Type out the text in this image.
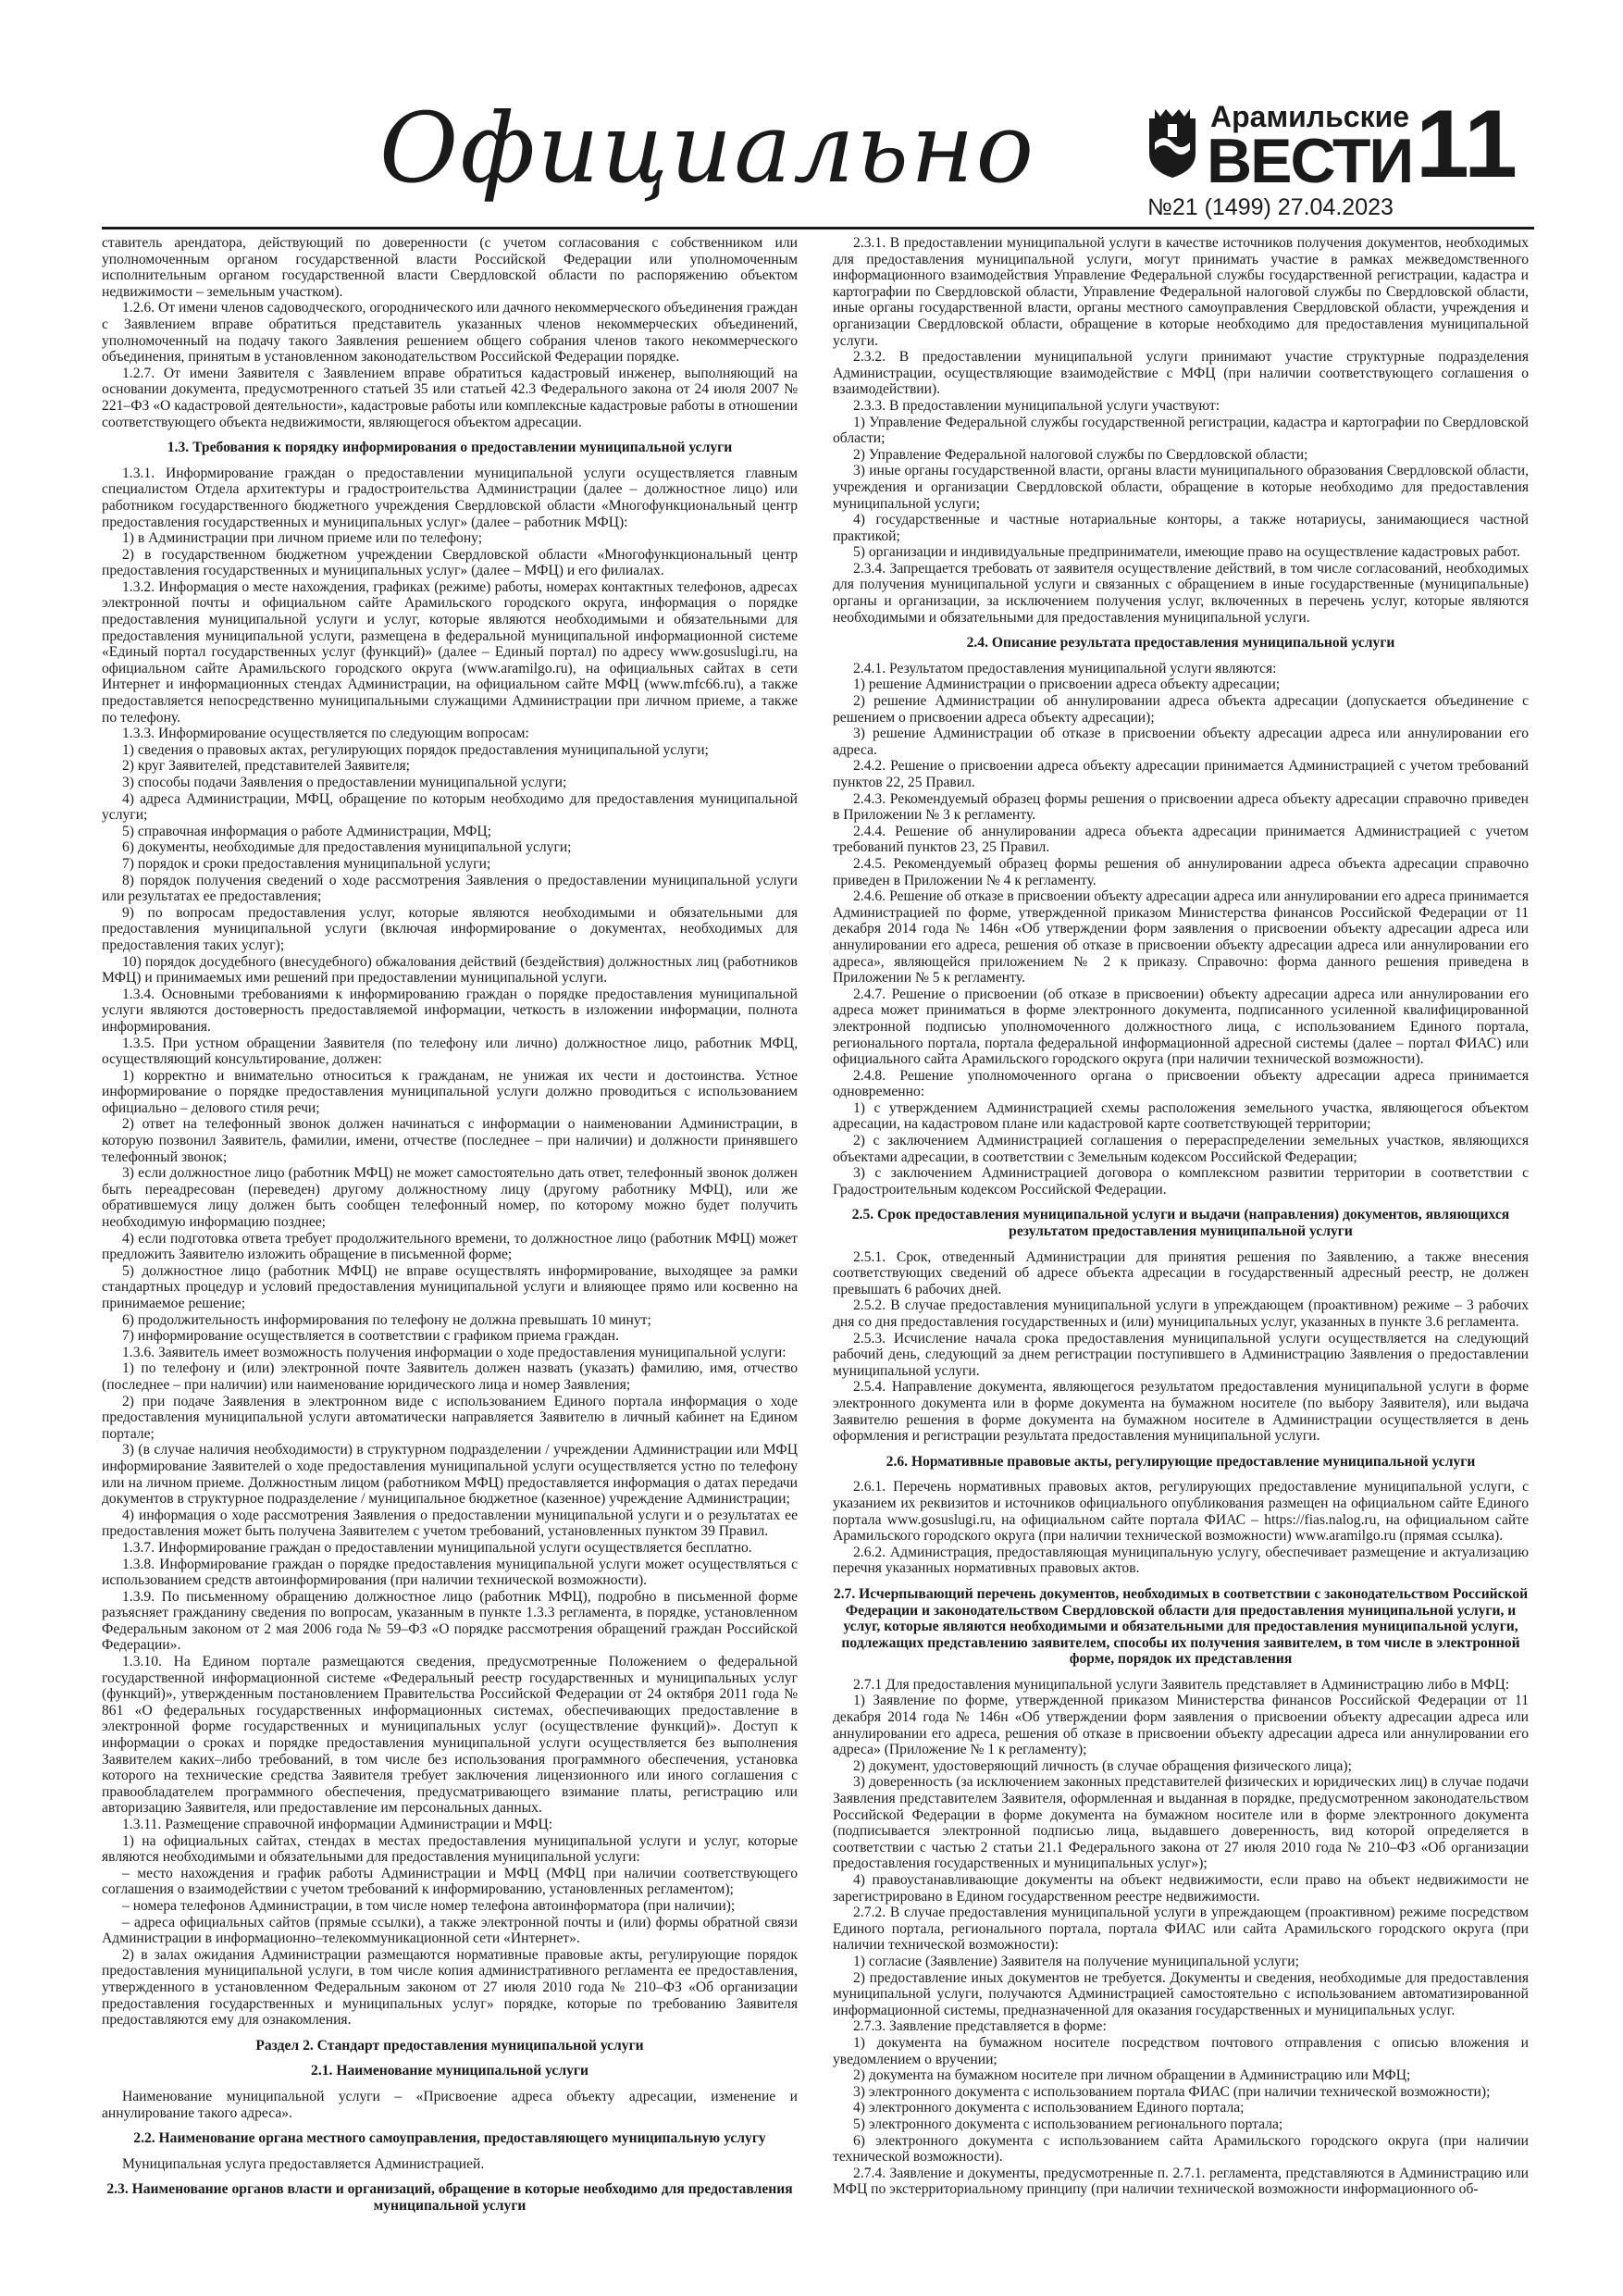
Официально	Арамильские
ВЕСТИ 11
№21 (1499) 27.04.2023

ставитель арендатора, действующий по доверенности (с учетом согласования с собственником или уполномоченным органом государственной власти Российской Федерации или уполномоченным исполнительным органом государственной власти Свердловской области по распоряжению объектом недвижимости – земельным участком).

1.2.6. От имени членов садоводческого, огороднического или дачного некоммерческого объединения граждан с Заявлением вправе обратиться представитель указанных членов некоммерческих объединений, уполномоченный на подачу такого Заявления решением общего собрания членов такого некоммерческого объединения, принятым в установленном законодательством Российской Федерации порядке.

1.2.7. От имени Заявителя с Заявлением вправе обратиться кадастровый инженер, выполняющий на основании документа, предусмотренного статьей 35 или статьей 42.3 Федерального закона от 24 июля 2007 № 221–ФЗ «О кадастровой деятельности», кадастровые работы или комплексные кадастровые работы в отношении соответствующего объекта недвижимости, являющегося объектом адресации.

1.3. Требования к порядку информирования о предоставлении муниципальной услуги

1.3.1. Информирование граждан о предоставлении муниципальной услуги осуществляется главным специалистом Отдела архитектуры и градостроительства Администрации (далее – должностное лицо) или работником государственного бюджетного учреждения Свердловской области «Многофункциональный центр предоставления государственных и муниципальных услуг» (далее – работник МФЦ):

1) в Администрации при личном приеме или по телефону;

2) в государственном бюджетном учреждении Свердловской области «Многофункциональный центр предоставления государственных и муниципальных услуг» (далее – МФЦ) и его филиалах.

1.3.2. Информация о месте нахождения, графиках (режиме) работы, номерах контактных телефонов, адресах электронной почты и официальном сайте Арамильского городского округа, информация о порядке предоставления муниципальной услуги и услуг, которые являются необходимыми и обязательными для предоставления муниципальной услуги, размещена в федеральной муниципальной информационной системе «Единый портал государственных услуг (функций)» (далее – Единый портал) по адресу www.gosuslugi.ru, на официальном сайте Арамильского городского округа (www.aramilgo.ru), на официальных сайтах в сети Интернет и информационных стендах Администрации, на официальном сайте МФЦ (www.mfc66.ru), а также предоставляется непосредственно муниципальными служащими Администрации при личном приеме, а также по телефону.

1.3.3. Информирование осуществляется по следующим вопросам:

1) сведения о правовых актах, регулирующих порядок предоставления муниципальной услуги;

2) круг Заявителей, представителей Заявителя;

3) способы подачи Заявления о предоставлении муниципальной услуги;

4) адреса Администрации, МФЦ, обращение по которым необходимо для предоставления муниципальной услуги;

5) справочная информация о работе Администрации, МФЦ;

6) документы, необходимые для предоставления муниципальной услуги;

7) порядок и сроки предоставления муниципальной услуги;

8) порядок получения сведений о ходе рассмотрения Заявления о предоставлении муниципальной услуги или результатах ее предоставления;

9) по вопросам предоставления услуг, которые являются необходимыми и обязательными для предоставления муниципальной услуги (включая информирование о документах, необходимых для предоставления таких услуг);

10) порядок досудебного (внесудебного) обжалования действий (бездействия) должностных лиц (работников МФЦ) и принимаемых ими решений при предоставлении муниципальной услуги.

1.3.4. Основными требованиями к информированию граждан о порядке предоставления муниципальной услуги являются достоверность предоставляемой информации, четкость в изложении информации, полнота информирования.

1.3.5. При устном обращении Заявителя (по телефону или лично) должностное лицо, работник МФЦ, осуществляющий консультирование, должен:

1) корректно и внимательно относиться к гражданам, не унижая их чести и достоинства. Устное информирование о порядке предоставления муниципальной услуги должно проводиться с использованием официально – делового стиля речи;

2) ответ на телефонный звонок должен начинаться с информации о наименовании Администрации, в которую позвонил Заявитель, фамилии, имени, отчестве (последнее – при наличии) и должности принявшего телефонный звонок;

3) если должностное лицо (работник МФЦ) не может самостоятельно дать ответ, телефонный звонок должен быть переадресован (переведен) другому должностному лицу (другому работнику МФЦ), или же обратившемуся лицу должен быть сообщен телефонный номер, по которому можно будет получить необходимую информацию позднее;

4) если подготовка ответа требует продолжительного времени, то должностное лицо (работник МФЦ) может предложить Заявителю изложить обращение в письменной форме;

5) должностное лицо (работник МФЦ) не вправе осуществлять информирование, выходящее за рамки стандартных процедур и условий предоставления муниципальной услуги и влияющее прямо или косвенно на принимаемое решение;

6) продолжительность информирования по телефону не должна превышать 10 минут;

7) информирование осуществляется в соответствии с графиком приема граждан.

1.3.6. Заявитель имеет возможность получения информации о ходе предоставления муниципальной услуги:

1) по телефону и (или) электронной почте Заявитель должен назвать (указать) фамилию, имя, отчество (последнее – при наличии) или наименование юридического лица и номер Заявления;

2) при подаче Заявления в электронном виде с использованием Единого портала информация о ходе предоставления муниципальной услуги автоматически направляется Заявителю в личный кабинет на Едином портале;

3) (в случае наличия необходимости) в структурном подразделении / учреждении Администрации или МФЦ информирование Заявителей о ходе предоставления муниципальной услуги осуществляется устно по телефону или на личном приеме. Должностным лицом (работником МФЦ) предоставляется информация о датах передачи документов в структурное подразделение / муниципальное бюджетное (казенное) учреждение Администрации;

4) информация о ходе рассмотрения Заявления о предоставлении муниципальной услуги и о результатах ее предоставления может быть получена Заявителем с учетом требований, установленных пунктом 39 Правил.

1.3.7. Информирование граждан о предоставлении муниципальной услуги осуществляется бесплатно.

1.3.8. Информирование граждан о порядке предоставления муниципальной услуги может осуществляться с использованием средств автоинформирования (при наличии технической возможности).

1.3.9. По письменному обращению должностное лицо (работник МФЦ), подробно в письменной форме разъясняет гражданину сведения по вопросам, указанным в пункте 1.3.3 регламента, в порядке, установленном Федеральным законом от 2 мая 2006 года № 59–ФЗ «О порядке рассмотрения обращений граждан Российской Федерации».

1.3.10. На Едином портале размещаются сведения, предусмотренные Положением о федеральной государственной информационной системе «Федеральный реестр государственных и муниципальных услуг (функций)», утвержденным постановлением Правительства Российской Федерации от 24 октября 2011 года № 861 «О федеральных государственных информационных системах, обеспечивающих предоставление в электронной форме государственных и муниципальных услуг (осуществление функций)». Доступ к информации о сроках и порядке предоставления муниципальной услуги осуществляется без выполнения Заявителем каких–либо требований, в том числе без использования программного обеспечения, установка которого на технические средства Заявителя требует заключения лицензионного или иного соглашения с правообладателем программного обеспечения, предусматривающего взимание платы, регистрацию или авторизацию Заявителя, или предоставление им персональных данных.

1.3.11. Размещение справочной информации Администрации и МФЦ:

1) на официальных сайтах, стендах в местах предоставления муниципальной услуги и услуг, которые являются необходимыми и обязательными для предоставления муниципальной услуги:

– место нахождения и график работы Администрации и МФЦ (МФЦ при наличии соответствующего соглашения о взаимодействии с учетом требований к информированию, установленных регламентом);

– номера телефонов Администрации, в том числе номер телефона автоинформатора (при наличии);

– адреса официальных сайтов (прямые ссылки), а также электронной почты и (или) формы обратной связи Администрации в информационно–телекоммуникационной сети «Интернет».

2) в залах ожидания Администрации размещаются нормативные правовые акты, регулирующие порядок предоставления муниципальной услуги, в том числе копия административного регламента ее предоставления, утвержденного в установленном Федеральным законом от 27 июля 2010 года № 210–ФЗ «Об организации предоставления государственных и муниципальных услуг» порядке, которые по требованию Заявителя предоставляются ему для ознакомления.

Раздел 2. Стандарт предоставления муниципальной услуги
2.1. Наименование муниципальной услуги

Наименование муниципальной услуги – «Присвоение адреса объекту адресации, изменение и аннулирование такого адреса».

2.2. Наименование органа местного самоуправления, предоставляющего муниципальную услугу

Муниципальная услуга предоставляется Администрацией.

2.3. Наименование органов власти и организаций, обращение в которые необходимо для предоставления муниципальной услуги

2.3.1. В предоставлении муниципальной услуги в качестве источников получения документов, необходимых для предоставления муниципальной услуги, могут принимать участие в рамках межведомственного информационного взаимодействия Управление Федеральной службы государственной регистрации, кадастра и картографии по Свердловской области, Управление Федеральной налоговой службы по Свердловской области, иные органы государственной власти, органы местного самоуправления Свердловской области, учреждения и организации Свердловской области, обращение в которые необходимо для предоставления муниципальной услуги.

2.3.2. В предоставлении муниципальной услуги принимают участие структурные подразделения Администрации, осуществляющие взаимодействие с МФЦ (при наличии соответствующего соглашения о взаимодействии).

2.3.3. В предоставлении муниципальной услуги участвуют:

1) Управление Федеральной службы государственной регистрации, кадастра и картографии по Свердловской области;

2) Управление Федеральной налоговой службы по Свердловской области;

3) иные органы государственной власти, органы власти муниципального образования Свердловской области, учреждения и организации Свердловской области, обращение в которые необходимо для предоставления муниципальной услуги;

4) государственные и частные нотариальные конторы, а также нотариусы, занимающиеся частной практикой;

5) организации и индивидуальные предприниматели, имеющие право на осуществление кадастровых работ.

2.3.4. Запрещается требовать от заявителя осуществление действий, в том числе согласований, необходимых для получения муниципальной услуги и связанных с обращением в иные государственные (муниципальные) органы и организации, за исключением получения услуг, включенных в перечень услуг, которые являются необходимыми и обязательными для предоставления муниципальной услуги.

2.4. Описание результата предоставления муниципальной услуги

2.4.1. Результатом предоставления муниципальной услуги являются:

1) решение Администрации о присвоении адреса объекту адресации;

2) решение Администрации об аннулировании адреса объекта адресации (допускается объединение с решением о присвоении адреса объекту адресации);

3) решение Администрации об отказе в присвоении объекту адресации адреса или аннулировании его адреса.

2.4.2. Решение о присвоении адреса объекту адресации принимается Администрацией с учетом требований пунктов 22, 25 Правил.

2.4.3. Рекомендуемый образец формы решения о присвоении адреса объекту адресации справочно приведен в Приложении № 3 к регламенту.

2.4.4. Решение об аннулировании адреса объекта адресации принимается Администрацией с учетом требований пунктов 23, 25 Правил.

2.4.5. Рекомендуемый образец формы решения об аннулировании адреса объекта адресации справочно приведен в Приложении № 4 к регламенту.

2.4.6. Решение об отказе в присвоении объекту адресации адреса или аннулировании его адреса принимается Администрацией по форме, утвержденной приказом Министерства финансов Российской Федерации от 11 декабря 2014 года № 146н «Об утверждении форм заявления о присвоении объекту адресации адреса или аннулировании его адреса, решения об отказе в присвоении объекту адресации адреса или аннулировании его адреса», являющейся приложением № 2 к приказу. Справочно: форма данного решения приведена в Приложении № 5 к регламенту.

2.4.7. Решение о присвоении (об отказе в присвоении) объекту адресации адреса или аннулировании его адреса может приниматься в форме электронного документа, подписанного усиленной квалифицированной электронной подписью уполномоченного должностного лица, с использованием Единого портала, регионального портала, портала федеральной информационной адресной системы (далее – портал ФИАС) или официального сайта Арамильского городского округа (при наличии технической возможности).

2.4.8. Решение уполномоченного органа о присвоении объекту адресации адреса принимается одновременно:

1) с утверждением Администрацией схемы расположения земельного участка, являющегося объектом адресации, на кадастровом плане или кадастровой карте соответствующей территории;

2) с заключением Администрацией соглашения о перераспределении земельных участков, являющихся объектами адресации, в соответствии с Земельным кодексом Российской Федерации;

3) с заключением Администрацией договора о комплексном развитии территории в соответствии с Градостроительным кодексом Российской Федерации.

2.5. Срок предоставления муниципальной услуги и выдачи (направления) документов, являющихся результатом предоставления муниципальной услуги

2.5.1. Срок, отведенный Администрации для принятия решения по Заявлению, а также внесения соответствующих сведений об адресе объекта адресации в государственный адресный реестр, не должен превышать 6 рабочих дней.

2.5.2. В случае предоставления муниципальной услуги в упреждающем (проактивном) режиме – 3 рабочих дня со дня предоставления государственных и (или) муниципальных услуг, указанных в пункте 3.6 регламента.

2.5.3. Исчисление начала срока предоставления муниципальной услуги осуществляется на следующий рабочий день, следующий за днем регистрации поступившего в Администрацию Заявления о предоставлении муниципальной услуги.

2.5.4. Направление документа, являющегося результатом предоставления муниципальной услуги в форме электронного документа или в форме документа на бумажном носителе (по выбору Заявителя), или выдача Заявителю решения в форме документа на бумажном носителе в Администрации осуществляется в день оформления и регистрации результата предоставления муниципальной услуги.

2.6. Нормативные правовые акты, регулирующие предоставление муниципальной услуги

2.6.1. Перечень нормативных правовых актов, регулирующих предоставление муниципальной услуги, с указанием их реквизитов и источников официального опубликования размещен на официальном сайте Единого портала www.gosuslugi.ru, на официальном сайте портала ФИАС – https://fias.nalog.ru, на официальном сайте Арамильского городского округа (при наличии технической возможности) www.aramilgo.ru (прямая ссылка).

2.6.2. Администрация, предоставляющая муниципальную услугу, обеспечивает размещение и актуализацию перечня указанных нормативных правовых актов.

2.7. Исчерпывающий перечень документов, необходимых в соответствии с законодательством Российской Федерации и законодательством Свердловской области для предоставления муниципальной услуги, и услуг, которые являются необходимыми и обязательными для предоставления муниципальной услуги, подлежащих представлению заявителем, способы их получения заявителем, в том числе в электронной форме, порядок их представления

2.7.1 Для предоставления муниципальной услуги Заявитель представляет в Администрацию либо в МФЦ:

1) Заявление по форме, утвержденной приказом Министерства финансов Российской Федерации от 11 декабря 2014 года № 146н «Об утверждении форм заявления о присвоении объекту адресации адреса или аннулировании его адреса, решения об отказе в присвоении объекту адресации адреса или аннулировании его адреса» (Приложение № 1 к регламенту);

2) документ, удостоверяющий личность (в случае обращения физического лица);

3) доверенность (за исключением законных представителей физических и юридических лиц) в случае подачи Заявления представителем Заявителя, оформленная и выданная в порядке, предусмотренном законодательством Российской Федерации в форме документа на бумажном носителе или в форме электронного документа (подписывается электронной подписью лица, выдавшего доверенность, вид которой определяется в соответствии с частью 2 статьи 21.1 Федерального закона от 27 июля 2010 года № 210–ФЗ «Об организации предоставления государственных и муниципальных услуг»);

4) правоустанавливающие документы на объект недвижимости, если право на объект недвижимости не зарегистрировано в Едином государственном реестре недвижимости.

2.7.2. В случае предоставления муниципальной услуги в упреждающем (проактивном) режиме посредством Единого портала, регионального портала, портала ФИАС или сайта Арамильского городского округа (при наличии технической возможности):

1) согласие (Заявление) Заявителя на получение муниципальной услуги;

2) предоставление иных документов не требуется. Документы и сведения, необходимые для предоставления муниципальной услуги, получаются Администрацией самостоятельно с использованием автоматизированной информационной системы, предназначенной для оказания государственных и муниципальных услуг.

2.7.3. Заявление представляется в форме:

1) документа на бумажном носителе посредством почтового отправления с описью вложения и уведомлением о вручении;

2) документа на бумажном носителе при личном обращении в Администрацию или МФЦ;

3) электронного документа с использованием портала ФИАС (при наличии технической возможности);

4) электронного документа с использованием Единого портала;

5) электронного документа с использованием регионального портала;

6) электронного документа с использованием сайта Арамильского городского округа (при наличии технической возможности).

2.7.4. Заявление и документы, предусмотренные п. 2.7.1. регламента, представляются в Администрацию или МФЦ по экстерриториальному принципу (при наличии технической возможности информационного об-
